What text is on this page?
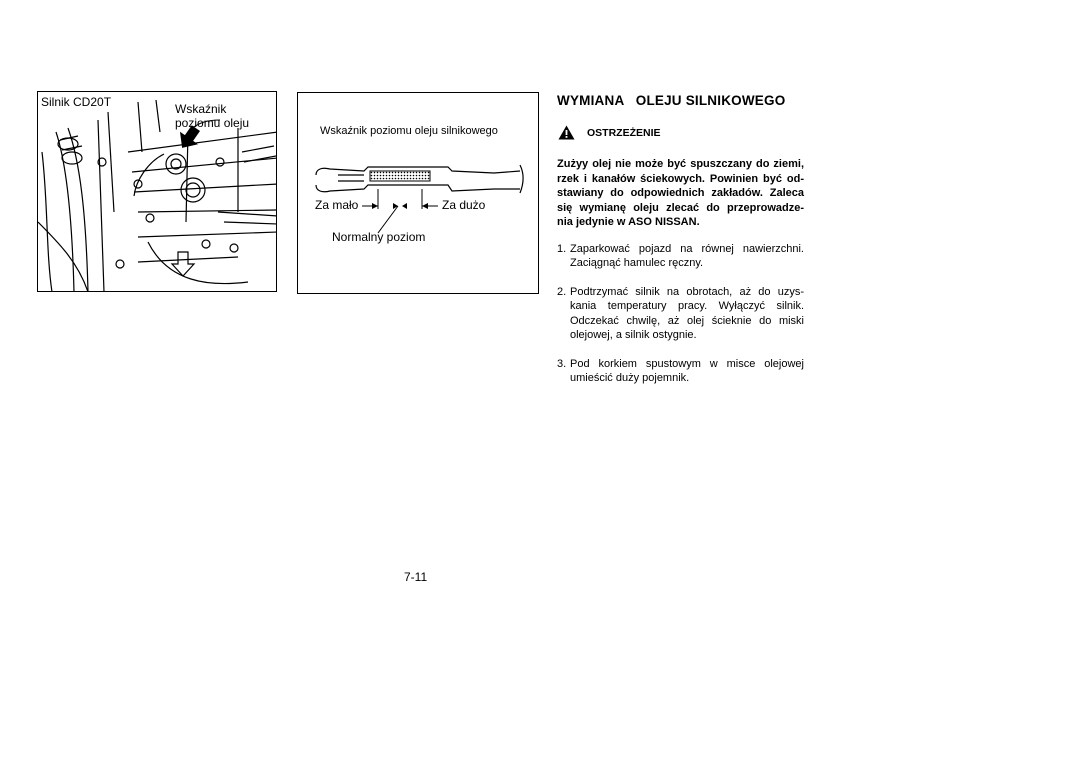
Silnik CD20T	Wskaźnik
poziomu oleju
Wskaźnik poziomu oleju silnikowego
Za mało	Za dużo
Normalny poziom
WYMIANA   OLEJU SILNIKOWEGO
OSTRZEŻENIE
Zużyy olej nie może być spuszczany do ziemi,
rzek i kanałów ściekowych. Powinien być od-
stawiany do odpowiednich zakładów. Zaleca
się wymianę oleju zlecać do przeprowadze-
nia jedynie w ASO NISSAN.
1. Zaparkować pojazd na równej nawierzchni.
Zaciągnąć hamulec ręczny.
2. Podtrzymać silnik na obrotach, aż do uzys-
kania temperatury pracy. Wyłączyć silnik.
Odczekać chwilę, aż olej ścieknie do miski
olejowej, a silnik ostygnie.
3. Pod korkiem spustowym w misce olejowej
umieścić duży pojemnik.
7-11
